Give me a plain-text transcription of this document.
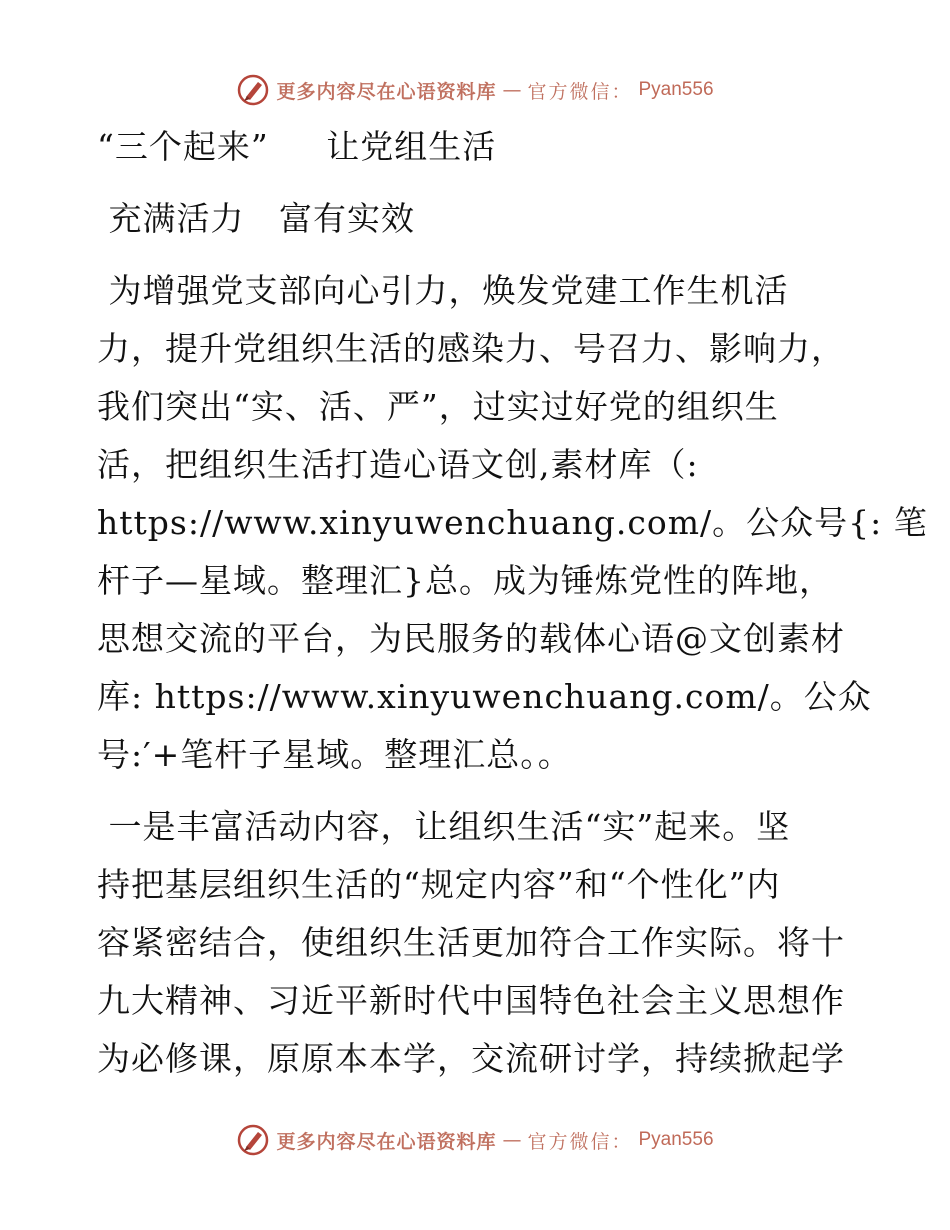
更多内容尽在心语资料库 — 官方微信： Pyan556
“三个起来”     让党组生活
充满活力   富有实效
为增强党支部向心引力，焕发党建工作生机活
力，提升党组织生活的感染力、号召力、影响力，
我们突出“实、活、严”，过实过好党的组织生
活，把组织生活打造心语文创,素材库（:
https://www.xinyuwenchuang.com/。公众号{: 笔
杆子—星域。整理汇}总。成为锤炼党性的阵地，
思想交流的平台，为民服务的载体心语@文创素材
库: https://www.xinyuwenchuang.com/。公众
号:′+笔杆子星域。整理汇总。。
一是丰富活动内容，让组织生活“实”起来。坚
持把基层组织生活的“规定内容”和“个性化”内
容紧密结合，使组织生活更加符合工作实际。将十
九大精神、习近平新时代中国特色社会主义思想作
为必修课，原原本本学，交流研讨学，持续掀起学
更多内容尽在心语资料库 — 官方微信： Pyan556
